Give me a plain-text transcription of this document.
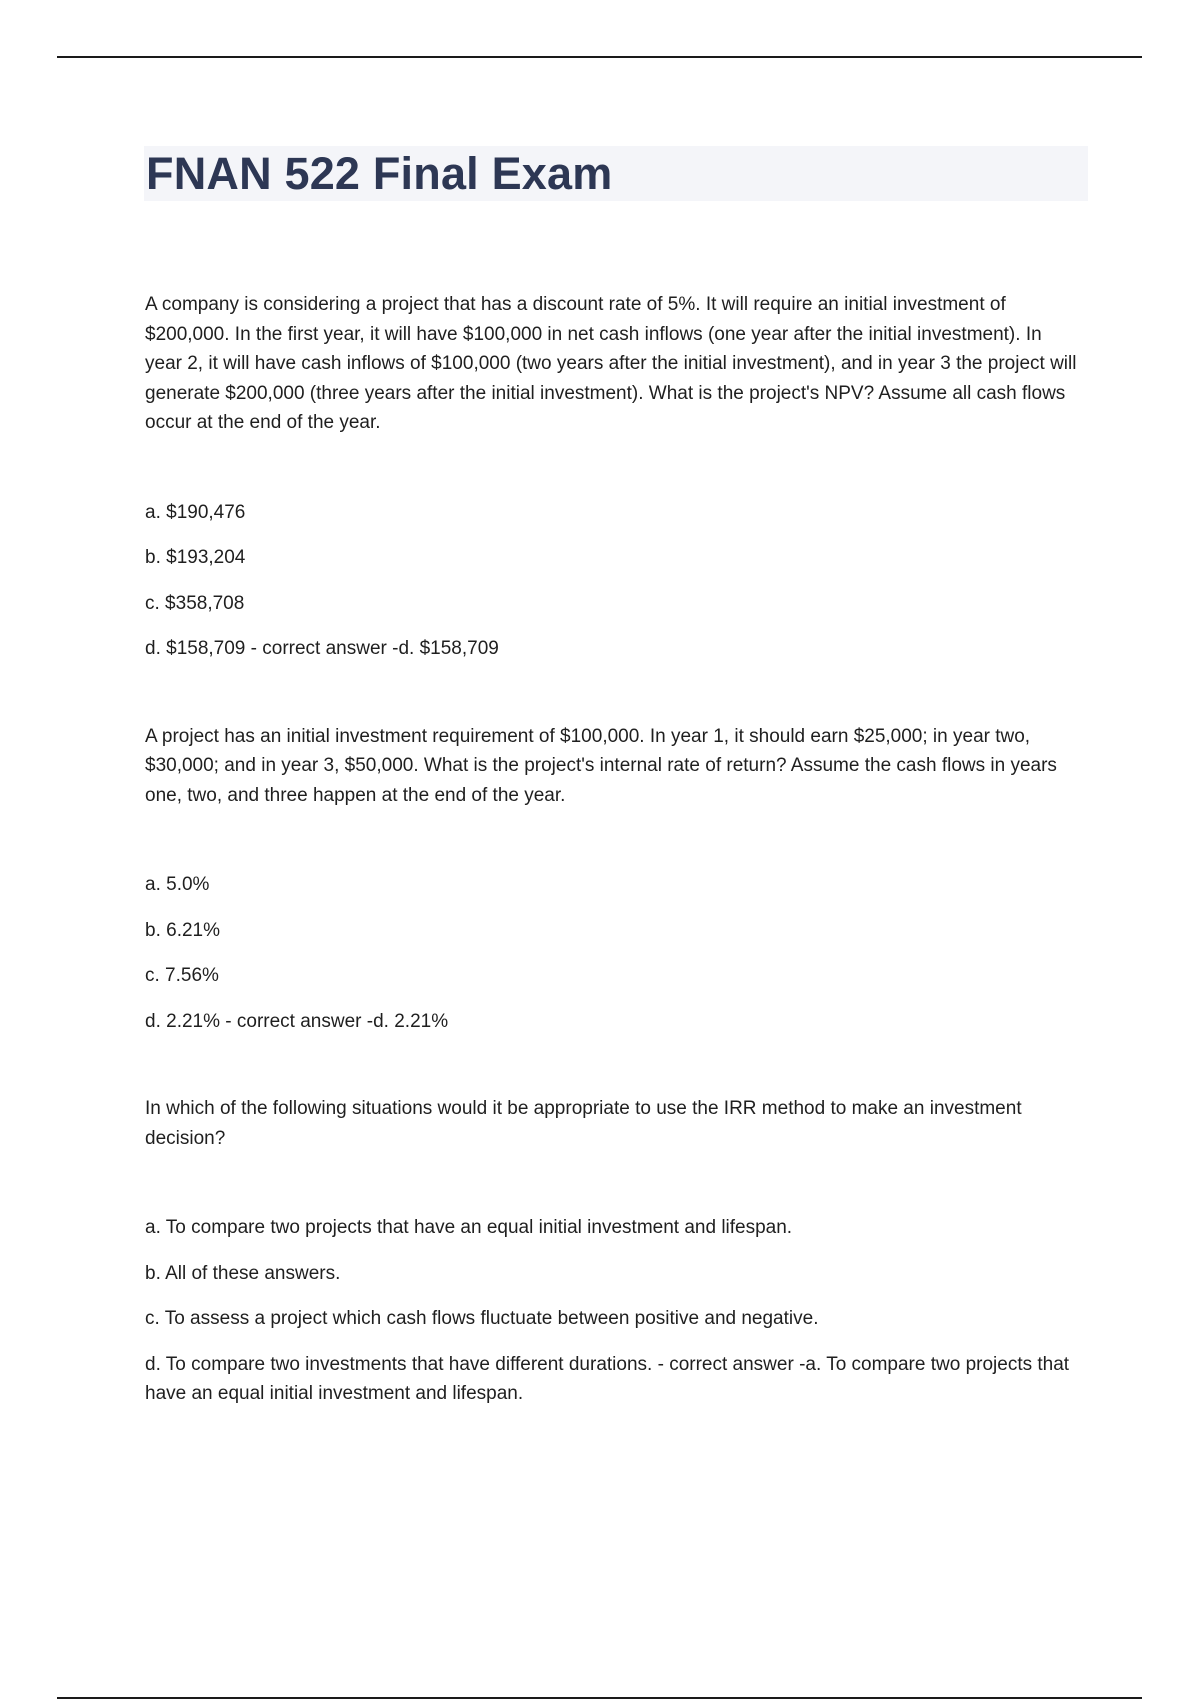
FNAN 522 Final Exam

A company is considering a project that has a discount rate of 5%. It will require an initial investment of $200,000. In the first year, it will have $100,000 in net cash inflows (one year after the initial investment). In year 2, it will have cash inflows of $100,000 (two years after the initial investment), and in year 3 the project will generate $200,000 (three years after the initial investment). What is the project's NPV? Assume all cash flows occur at the end of the year.

a. $190,476
b. $193,204
c. $358,708
d. $158,709 - correct answer -d. $158,709

A project has an initial investment requirement of $100,000. In year 1, it should earn $25,000; in year two, $30,000; and in year 3, $50,000. What is the project's internal rate of return? Assume the cash flows in years one, two, and three happen at the end of the year.

a. 5.0%
b. 6.21%
c. 7.56%
d. 2.21% - correct answer -d. 2.21%

In which of the following situations would it be appropriate to use the IRR method to make an investment decision?

a. To compare two projects that have an equal initial investment and lifespan.
b. All of these answers.
c. To assess a project which cash flows fluctuate between positive and negative.
d. To compare two investments that have different durations. - correct answer -a. To compare two projects that have an equal initial investment and lifespan.
